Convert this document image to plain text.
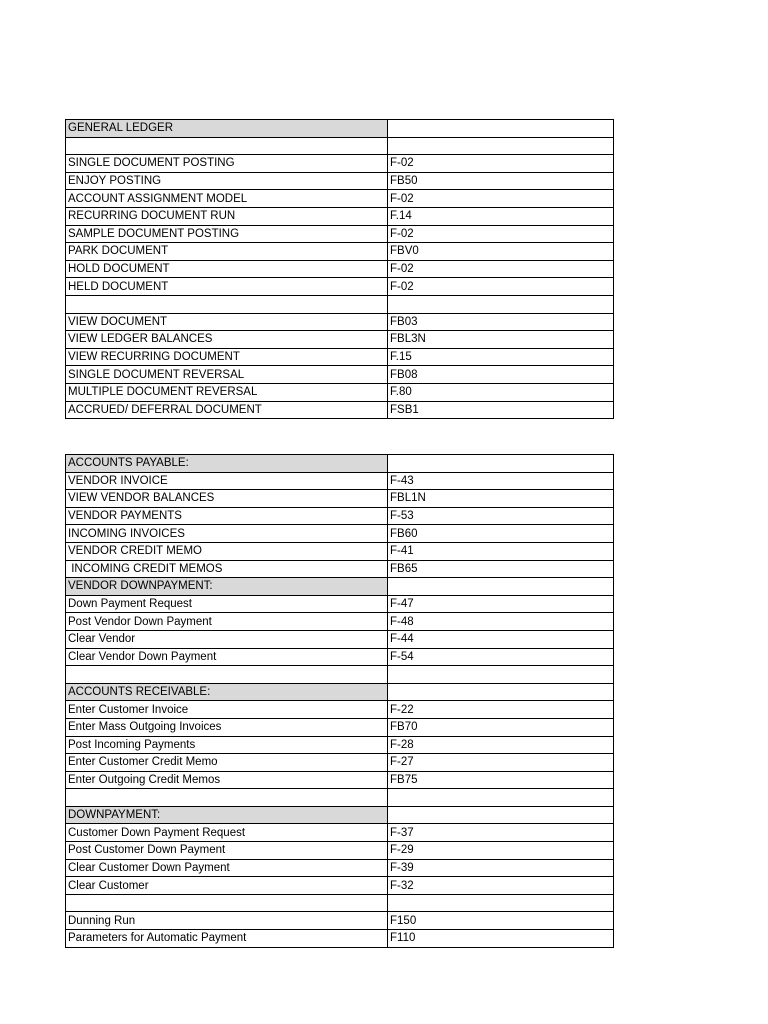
GENERAL LEDGER	

SINGLE DOCUMENT POSTING	F-02
ENJOY POSTING	FB50
ACCOUNT ASSIGNMENT MODEL	F-02
RECURRING DOCUMENT RUN	F.14
SAMPLE DOCUMENT POSTING	F-02
PARK DOCUMENT	FBV0
HOLD DOCUMENT	F-02
HELD DOCUMENT	F-02

VIEW DOCUMENT	FB03
VIEW LEDGER BALANCES	FBL3N
VIEW RECURRING DOCUMENT	F.15
SINGLE DOCUMENT REVERSAL	FB08
MULTIPLE DOCUMENT REVERSAL	F.80
ACCRUED/ DEFERRAL DOCUMENT	FSB1
ACCOUNTS PAYABLE:	
VENDOR INVOICE	F-43
VIEW VENDOR BALANCES	FBL1N
VENDOR PAYMENTS	F-53
INCOMING INVOICES	FB60
VENDOR CREDIT MEMO	F-41
INCOMING CREDIT MEMOS	FB65
VENDOR DOWNPAYMENT:	
Down Payment Request	F-47
Post Vendor Down Payment	F-48
Clear Vendor	F-44
Clear Vendor Down Payment	F-54

ACCOUNTS RECEIVABLE:	
Enter Customer Invoice	F-22
Enter Mass Outgoing Invoices	FB70
Post Incoming Payments	F-28
Enter Customer Credit Memo	F-27
Enter Outgoing Credit Memos	FB75

DOWNPAYMENT:	
Customer Down Payment Request	F-37
Post Customer Down Payment	F-29
Clear Customer Down Payment	F-39
Clear Customer	F-32

Dunning Run	F150
Parameters for Automatic Payment	F110
